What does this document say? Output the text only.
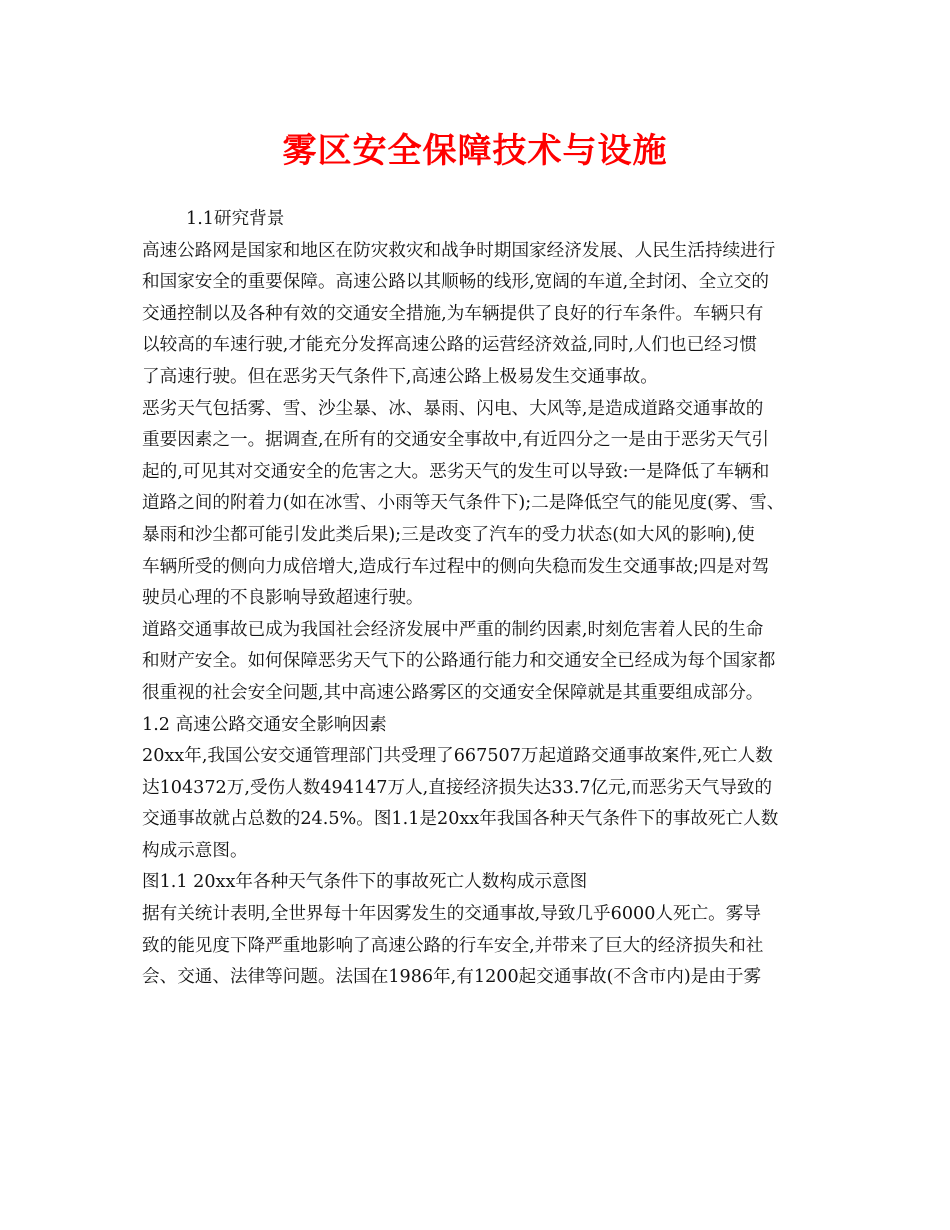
雾区安全保障技术与设施
1.1研究背景
高速公路网是国家和地区在防灾救灾和战争时期国家经济发展、人民生活持续进行
和国家安全的重要保障。高速公路以其顺畅的线形,宽阔的车道,全封闭、全立交的
交通控制以及各种有效的交通安全措施,为车辆提供了良好的行车条件。车辆只有
以较高的车速行驶,才能充分发挥高速公路的运营经济效益,同时,人们也已经习惯
了高速行驶。但在恶劣天气条件下,高速公路上极易发生交通事故。
恶劣天气包括雾、雪、沙尘暴、冰、暴雨、闪电、大风等,是造成道路交通事故的
重要因素之一。据调查,在所有的交通安全事故中,有近四分之一是由于恶劣天气引
起的,可见其对交通安全的危害之大。恶劣天气的发生可以导致:一是降低了车辆和
道路之间的附着力(如在冰雪、小雨等天气条件下);二是降低空气的能见度(雾、雪、
暴雨和沙尘都可能引发此类后果);三是改变了汽车的受力状态(如大风的影响),使
车辆所受的侧向力成倍增大,造成行车过程中的侧向失稳而发生交通事故;四是对驾
驶员心理的不良影响导致超速行驶。
道路交通事故已成为我国社会经济发展中严重的制约因素,时刻危害着人民的生命
和财产安全。如何保障恶劣天气下的公路通行能力和交通安全已经成为每个国家都
很重视的社会安全问题,其中高速公路雾区的交通安全保障就是其重要组成部分。
1.2 高速公路交通安全影响因素
20xx年,我国公安交通管理部门共受理了667507万起道路交通事故案件,死亡人数
达104372万,受伤人数494147万人,直接经济损失达33.7亿元,而恶劣天气导致的
交通事故就占总数的24.5%。图1.1是20xx年我国各种天气条件下的事故死亡人数
构成示意图。
图1.1 20xx年各种天气条件下的事故死亡人数构成示意图
据有关统计表明,全世界每十年因雾发生的交通事故,导致几乎6000人死亡。雾导
致的能见度下降严重地影响了高速公路的行车安全,并带来了巨大的经济损失和社
会、交通、法律等问题。法国在1986年,有1200起交通事故(不含市内)是由于雾
